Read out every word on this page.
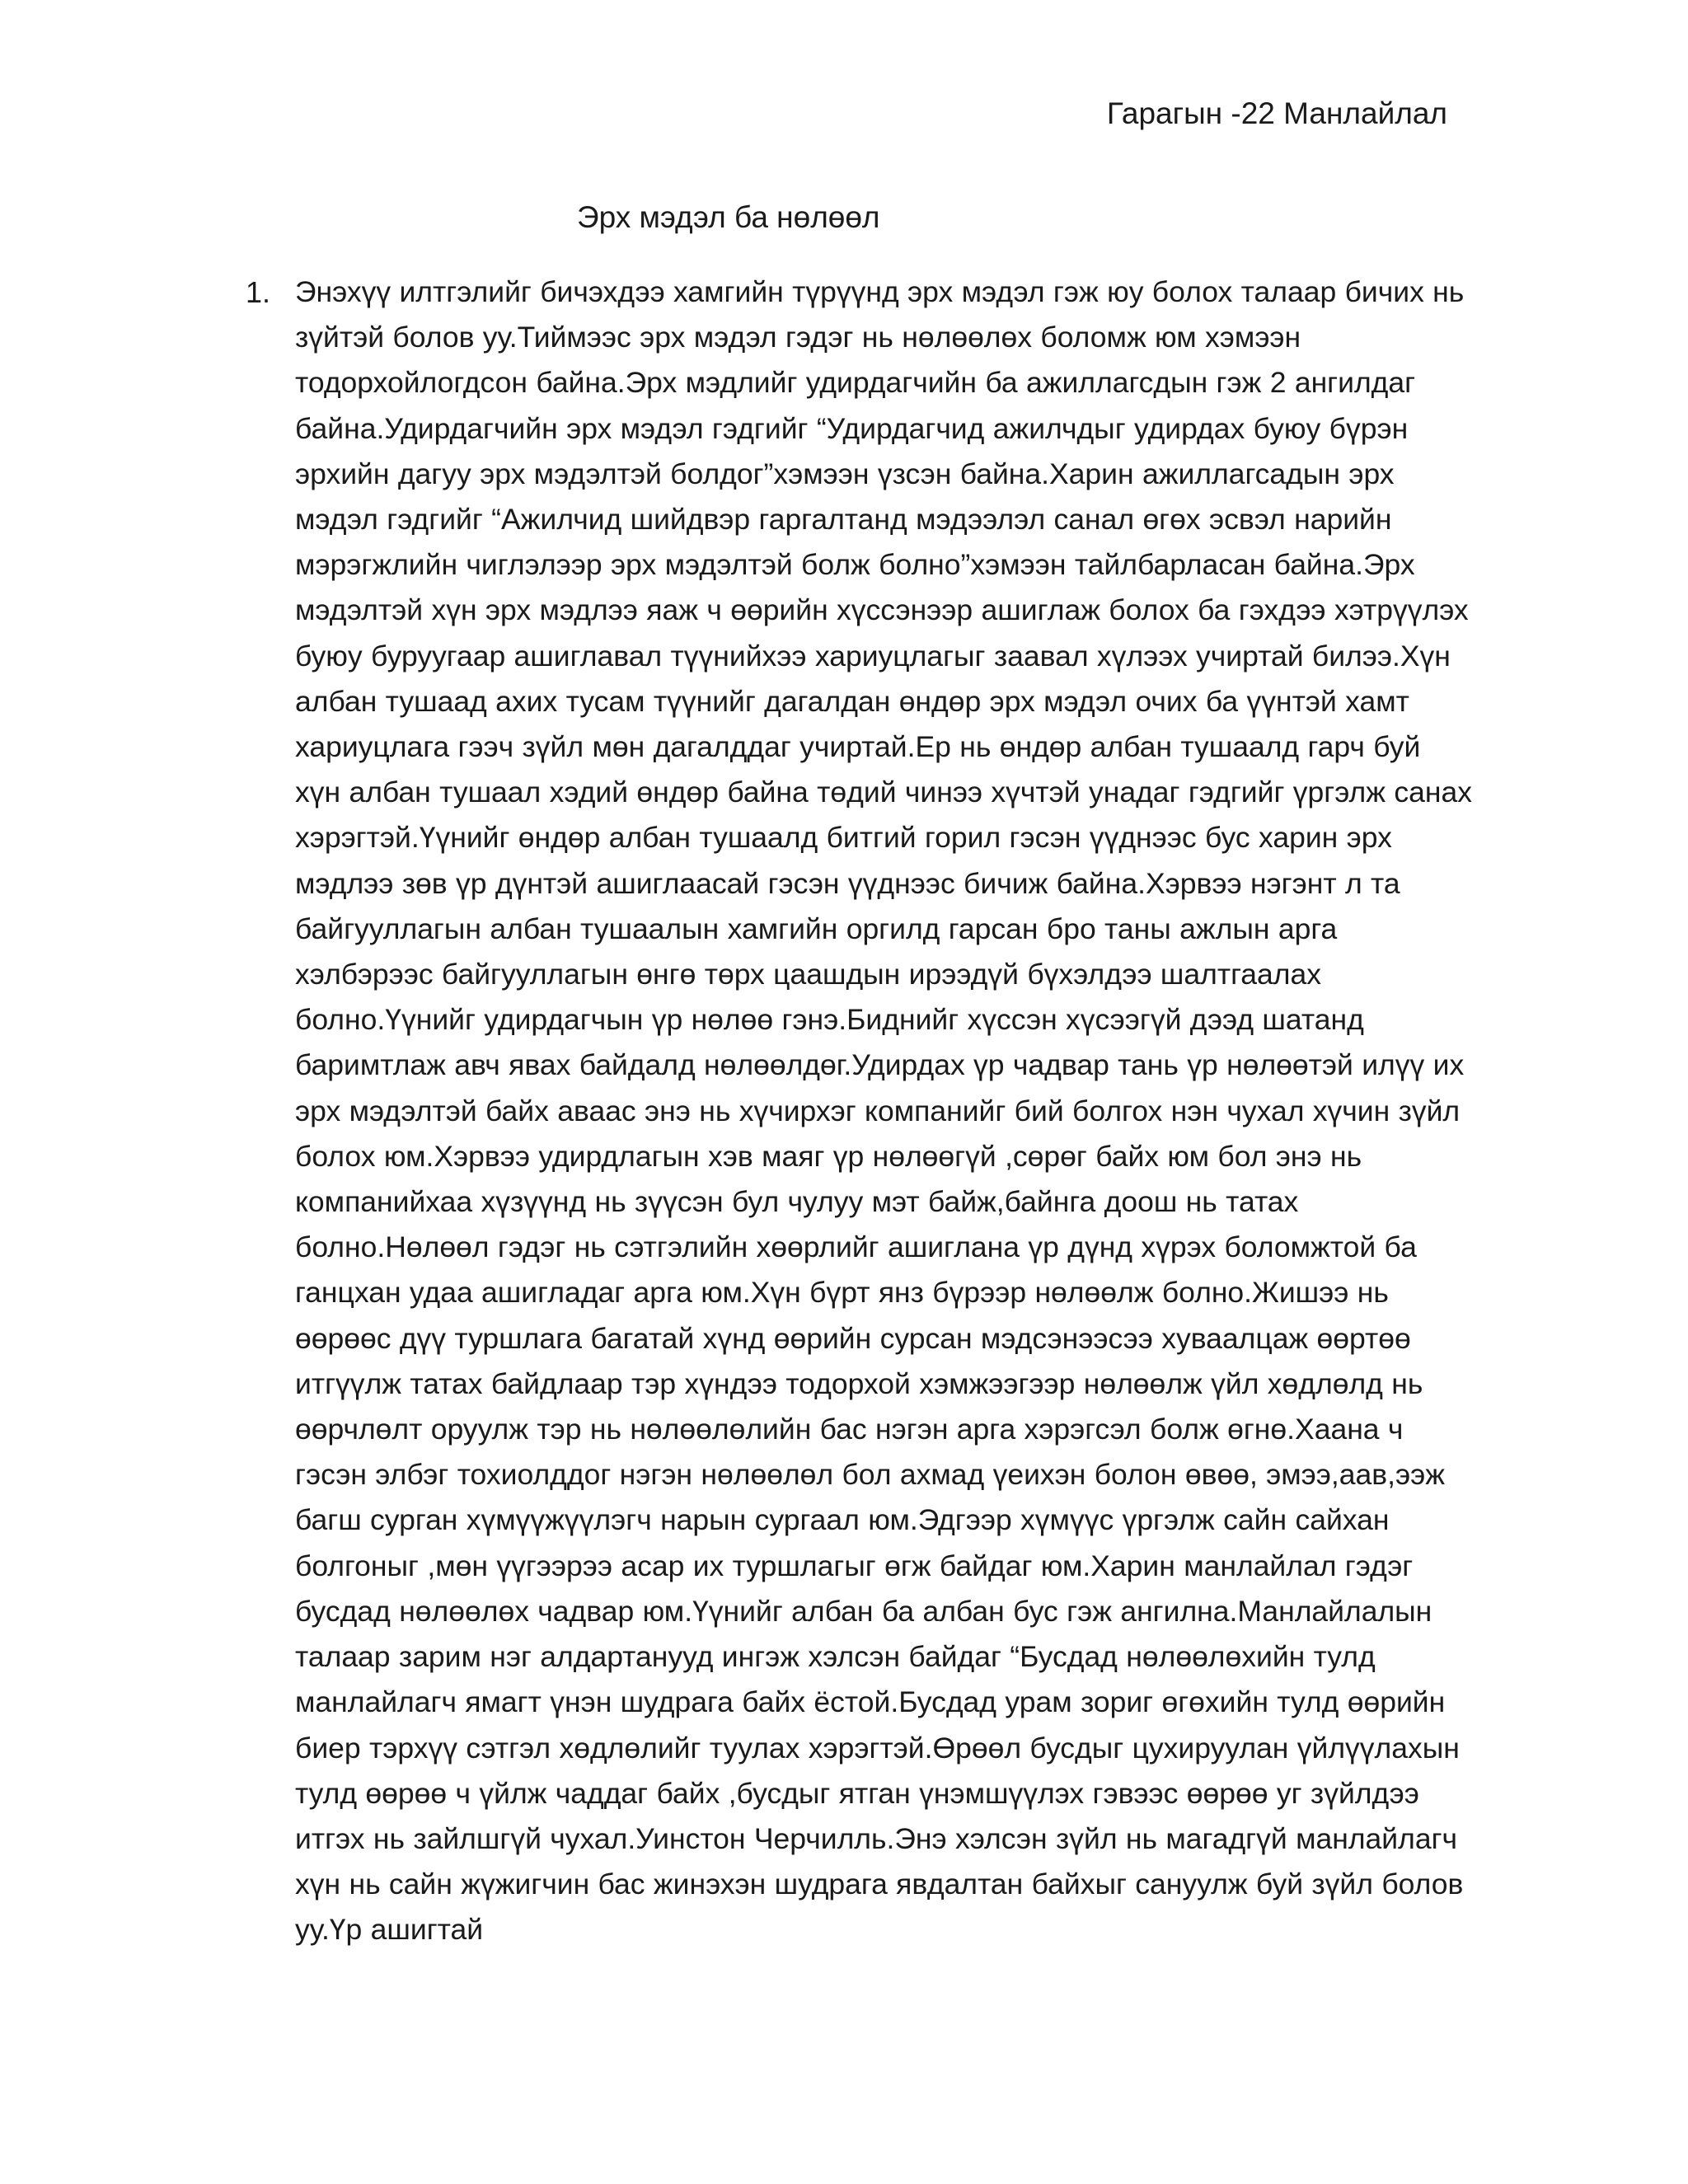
Гарагын -22 Манлайлал
Эрх мэдэл ба нөлөөл
1. Энэхүү илтгэлийг бичэхдээ хамгийн түрүүнд эрх мэдэл гэж юу болох талаар бичих нь зүйтэй болов уу.Тиймээс эрх мэдэл гэдэг нь нөлөөлөх боломж юм хэмээн тодорхойлогдсон байна.Эрх мэдлийг удирдагчийн ба ажиллагсдын гэж 2 ангилдаг байна.Удирдагчийн эрх мэдэл гэдгийг “Удирдагчид ажилчдыг удирдах буюу бүрэн эрхийн дагуу эрх мэдэлтэй болдог”хэмээн үзсэн байна.Харин ажиллагсадын эрх мэдэл гэдгийг “Ажилчид шийдвэр гаргалтанд мэдээлэл санал өгөх эсвэл нарийн мэрэгжлийн чиглэлээр эрх мэдэлтэй болж болно”хэмээн тайлбарласан байна.Эрх мэдэлтэй хүн эрх мэдлээ яаж ч өөрийн хүссэнээр ашиглаж болох ба гэхдээ хэтрүүлэх буюу буруугаар ашиглавал түүнийхээ хариуцлагыг заавал хүлээх учиртай билээ.Хүн албан тушаад ахих тусам түүнийг дагалдан өндөр эрх мэдэл очих ба үүнтэй хамт хариуцлага гээч зүйл мөн дагалддаг учиртай.Ер нь өндөр албан тушаалд гарч буй хүн албан тушаал хэдий өндөр байна төдий чинээ хүчтэй унадаг гэдгийг үргэлж санах хэрэгтэй.Үүнийг өндөр албан тушаалд битгий горил гэсэн үүднээс бус харин эрх мэдлээ зөв үр дүнтэй ашиглаасай гэсэн үүднээс бичиж байна.Хэрвээ нэгэнт л та байгууллагын албан тушаалын хамгийн оргилд гарсан бро таны ажлын арга хэлбэрээс байгууллагын өнгө төрх цаашдын ирээдүй бүхэлдээ шалтгаалах болно.Үүнийг удирдагчын үр нөлөө гэнэ.Биднийг хүссэн хүсээгүй дээд шатанд баримтлаж авч явах байдалд нөлөөлдөг.Удирдах үр чадвар тань үр нөлөөтэй илүү их эрх мэдэлтэй байх аваас энэ нь хүчирхэг компанийг бий болгох нэн чухал хүчин зүйл болох юм.Хэрвээ удирдлагын хэв маяг үр нөлөөгүй ,сөрөг байх юм бол энэ нь компанийхаа хүзүүнд нь зүүсэн бул чулуу мэт байж,байнга доош нь татах болно.Нөлөөл гэдэг нь сэтгэлийн хөөрлийг ашиглана үр дүнд хүрэх боломжтой ба ганцхан удаа ашигладаг арга юм.Хүн бүрт янз бүрээр нөлөөлж болно.Жишээ нь өөрөөс дүү туршлага багатай хүнд өөрийн сурсан мэдсэнээсээ хуваалцаж өөртөө итгүүлж татах байдлаар тэр хүндээ тодорхой хэмжээгээр нөлөөлж үйл хөдлөлд нь өөрчлөлт оруулж тэр нь нөлөөлөлийн бас нэгэн арга хэрэгсэл болж өгнө.Хаана ч гэсэн элбэг тохиолддог нэгэн нөлөөлөл бол ахмад үеихэн болон өвөө, эмээ,аав,ээж багш сурган хүмүүжүүлэгч нарын сургаал юм.Эдгээр хүмүүс үргэлж сайн сайхан болгоныг ,мөн үүгээрээ асар их туршлагыг өгж байдаг юм.Харин манлайлал гэдэг бусдад нөлөөлөх чадвар юм.Үүнийг албан ба албан бус гэж ангилна.Манлайлалын талаар зарим нэг алдартанууд ингэж хэлсэн байдаг “Бусдад нөлөөлөхийн тулд манлайлагч ямагт үнэн шудрага байх ёстой.Бусдад урам зориг өгөхийн тулд өөрийн биер тэрхүү сэтгэл хөдлөлийг туулах хэрэгтэй.Өрөөл бусдыг цухируулан үйлүүлахын тулд өөрөө ч үйлж чаддаг байх ,бусдыг ятган үнэмшүүлэх гэвээс өөрөө уг зүйлдээ итгэх нь зайлшгүй чухал.Уинстон Черчилль.Энэ хэлсэн зүйл нь магадгүй манлайлагч хүн нь сайн жүжигчин бас жинэхэн шудрага явдалтан байхыг сануулж буй зүйл болов уу.Үр ашигтай
